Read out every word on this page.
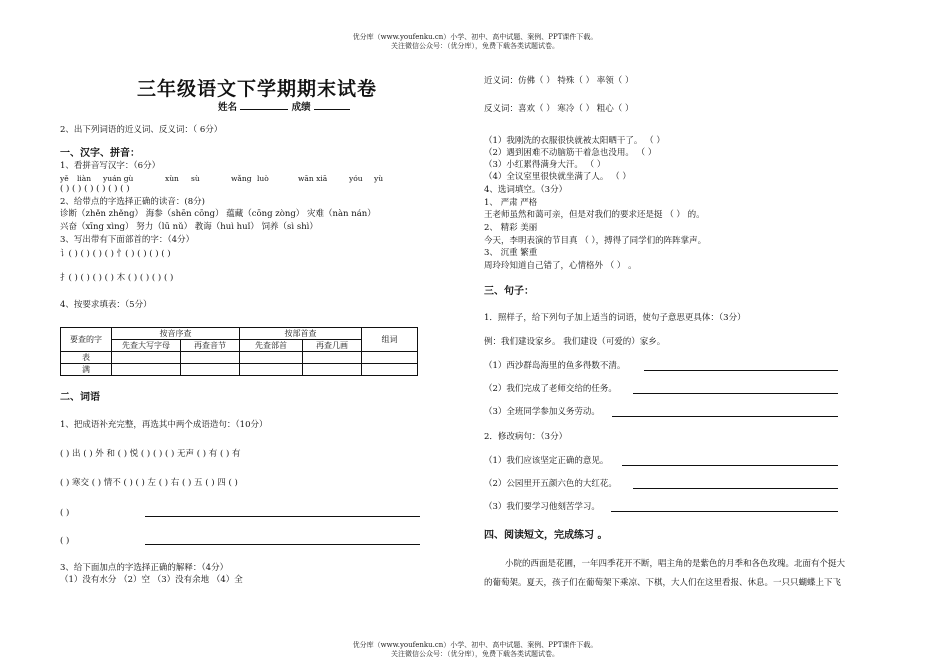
优分库（www.youfenku.cn）小学、初中、高中试题、案例、PPT课件下载。
关注微信公众号：（优分库），免费下载各类试题试卷。
优分库（www.youfenku.cn）小学、初中、高中试题、案例、PPT课件下载。
关注微信公众号：（优分库），免费下载各类试题试卷。
三年级语文下学期期末试卷
姓名	成绩
2、出下列词语的近义词、反义词：（ 6分）
一、汉字、拼音：
1、看拼音写汉字：（6分）
yě liàn yuán gù	xùn sù	wǎng luò	wān xiā	yóu yù
( ) ( ) ( ) ( ) ( ) ( )
2、给带点的字选择正确的读音：(8分)
诊断（zhěn zhěng） 海参（shēn cōng） 蕴藏（cōng zòng） 灾难（nàn nán）
兴奋（xīng xìng） 努力（lū nǔ） 教诲（huì huǐ） 饲养（sì shì）
3、写出带有下面部首的字：（4分）
讠( ) ( ) ( ) ( ) 忄( ) ( ) ( ) ( )
扌( ) ( ) ( ) ( ) 木 ( ) ( ) ( ) ( )
4、按要求填表：（5分）
要查的字	按音序查		按部首查		组词
	先查大写字母	再查音节	先查部首	再查几画	
表					
满					
二、词语
1、把成语补充完整，再选其中两个成语造句：（10分）
( ) 出 ( ) 外 和 ( ) 悦 ( ) ( ) ( ) 无声 ( ) 有 ( ) 有
( ) 寒交 ( ) 情不 ( ) ( ) 左 ( ) 右 ( ) 五 ( ) 四 ( )
( )
( )
3、给下面加点的字选择正确的解释：（4分）
（1）没有水分 （2）空 （3）没有余地 （4）全
近义词：仿佛（ ） 特殊（ ） 率领（ ）
反义词：喜欢（ ） 寒冷（ ） 粗心（ ）
（1）我刚洗的衣服很快就被太阳晒干了。 （ ）
（2）遇到困难不动脑筋干着急也没用。 （ ）
（3）小红累得满身大汗。 （ ）
（4）全议室里很快就坐满了人。 （ ）
4、选词填空。（3分）
1、 严肃 严格
王老师虽然和蔼可亲，但是对我们的要求还是挺 （ ） 的。
2、 精彩 美丽
今天，李明表演的节目真 （ ），搏得了同学们的阵阵掌声。
3、 沉重 繁重
周玲玲知道自己错了，心情格外 （ ） 。
三、句子：
1．照样子，给下列句子加上适当的词语，使句子意思更具体：（3分）
例：我们建设家乡。 我们建设（可爱的）家乡。
（1）西沙群岛海里的鱼多得数不清。
（2）我们完成了老师交给的任务。
（3）全班同学参加义务劳动。
2．修改病句：（3分）
（1）我们应该坚定正确的意见。
（2）公园里开五颜六色的大红花。
（3）我们要学习他刻苦学习。
四、阅读短文，完成练习 。
小院的西面是花圃，一年四季花开不断，唱主角的是紫色的月季和各色玫瑰。北面有个挺大
的葡萄架。夏天，孩子们在葡萄架下乘凉、下棋，大人们在这里看报、休息。一只只蝴蝶上下飞
